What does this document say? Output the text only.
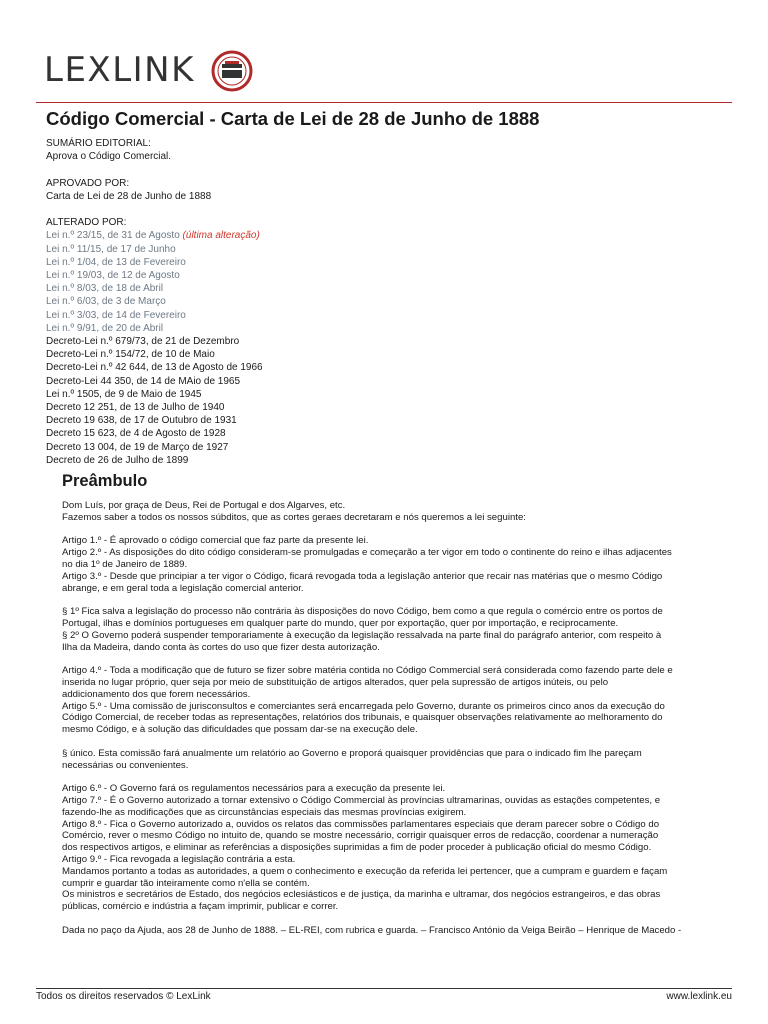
LEXLINK
Código Comercial - Carta de Lei de 28 de Junho de 1888
SUMÁRIO EDITORIAL:
Aprova o Código Comercial.
APROVADO POR:
Carta de Lei de 28 de Junho de 1888
ALTERADO POR:
Lei n.º 23/15, de 31 de Agosto (última alteração)
Lei n.º 11/15, de 17 de Junho
Lei n.º 1/04, de 13 de Fevereiro
Lei n.º 19/03, de 12 de Agosto
Lei n.º 8/03, de 18 de Abril
Lei n.º 6/03, de 3 de Março
Lei n.º 3/03, de 14 de Fevereiro
Lei n.º 9/91, de 20 de Abril
Decreto-Lei n.º 679/73, de 21 de Dezembro
Decreto-Lei n.º 154/72, de 10 de Maio
Decreto-Lei n.º 42 644, de 13 de Agosto de 1966
Decreto-Lei 44 350, de 14 de MAio de 1965
Lei n.º 1505, de 9 de Maio de 1945
Decreto 12 251, de 13 de Julho de 1940
Decreto 19 638, de 17 de Outubro de 1931
Decreto 15 623, de 4 de Agosto de 1928
Decreto 13 004, de 19 de Março de 1927
Decreto de 26 de Julho de 1899
Preâmbulo

Dom Luís, por graça de Deus, Rei de Portugal e dos Algarves, etc.

Fazemos saber a todos os nossos súbditos, que as cortes geraes decretaram e nós queremos a lei seguinte:

Artigo 1.º - É aprovado o código comercial que faz parte da presente lei.

Artigo 2.º - As disposições do dito código consideram-se promulgadas e começarão a ter vigor em todo o continente do reino e ilhas adjacentes

no dia 1º de Janeiro de 1889.

Artigo 3.º - Desde que principiar a ter vigor o Código, ficará revogada toda a legislação anterior que recair nas matérias que o mesmo Código

abrange, e em geral toda a legislação comercial anterior.

§ 1º Fica salva a legislação do processo não contrária às disposições do novo Código, bem como a que regula o comércio entre os portos de

Portugal, ilhas e domínios portugueses em qualquer parte do mundo, quer por exportação, quer por importação, e reciprocamente.

§ 2º O Governo poderá suspender temporariamente à execução da legislação ressalvada na parte final do parágrafo anterior, com respeito à

Ilha da Madeira, dando conta às cortes do uso que fizer desta autorização.

Artigo 4.º - Toda a modificação que de futuro se fizer sobre matéria contida no Código Commercial será considerada como fazendo parte dele e

inserida no lugar próprio, quer seja por meio de substituição de artigos alterados, quer pela supressão de artigos inúteis, ou pelo

addicionamento dos que forem necessários.

Artigo 5.º - Uma comissão de jurisconsultos e comerciantes será encarregada pelo Governo, durante os primeiros cinco anos da execução do

Código Comercial, de receber todas as representações, relatórios dos tribunais, e quaisquer observações relativamente ao melhoramento do

mesmo Código, e à solução das dificuldades que possam dar-se na execução dele.

§ único. Esta comissão fará anualmente um relatório ao Governo e proporá quaisquer providências que para o indicado fim lhe pareçam

necessárias ou convenientes.

Artigo 6.º - O Governo fará os regulamentos necessários para a execução da presente lei.

Artigo 7.º - É o Governo autorizado a tornar extensivo o Código Commercial às províncias ultramarinas, ouvidas as estações competentes, e

fazendo-lhe as modificações que as circunstâncias especiais das mesmas províncias exigirem.

Artigo 8.º - Fica o Governo autorizado a, ouvidos os relatos das commissões parlamentares especiais que deram parecer sobre o Código do

Comércio, rever o mesmo Código no intuito de, quando se mostre necessário, corrigir quaisquer erros de redacção, coordenar a numeração

dos respectivos artigos, e eliminar as referências a disposições suprimidas a fim de poder proceder à publicação oficial do mesmo Código.

Artigo 9.º - Fica revogada a legislação contrária a esta.

Mandamos portanto a todas as autoridades, a quem o conhecimento e execução da referida lei pertencer, que a cumpram e guardem e façam

cumprir e guardar tão inteiramente como n'ella se contém.

Os ministros e secretários de Estado, dos negócios eclesiásticos e de justiça, da marinha e ultramar, dos negócios estrangeiros, e das obras

públicas, comércio e indústria a façam imprimir, publicar e correr.

Dada no paço da Ajuda, aos 28 de Junho de 1888. – EL-REI, com rubrica e guarda. – Francisco António da Veiga Beirão – Henrique de Macedo -

Todos os direitos reservados © LexLink	www.lexlink.eu
